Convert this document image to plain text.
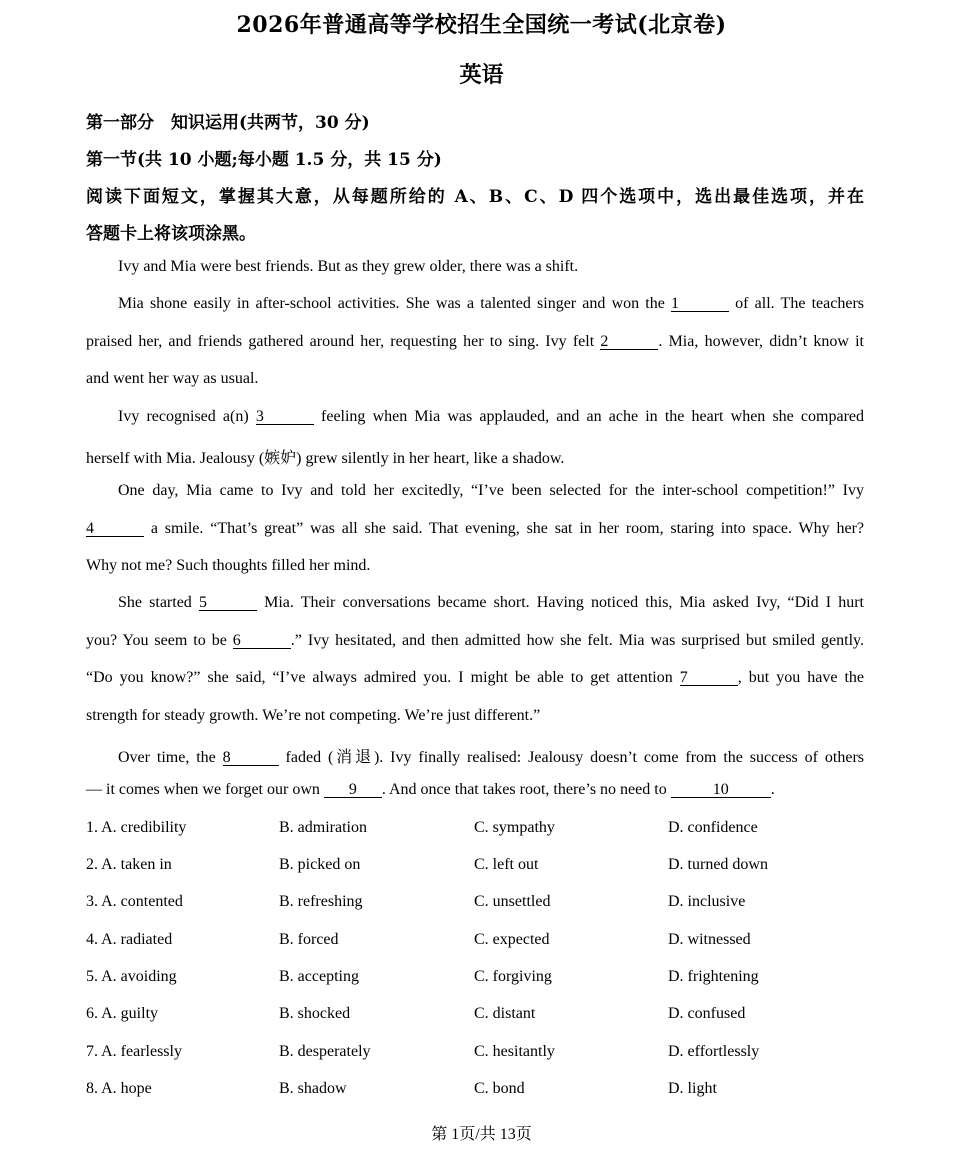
2026年普通高等学校招生全国统一考试(北京卷)
英语
第一部分　知识运用(共两节，30 分)
第一节(共 10 小题;每小题 1.5 分，共 15 分)
阅读下面短文，掌握其大意，从每题所给的 A、B、C、D 四个选项中，选出最佳选项，并在
答题卡上将该项涂黑。
Ivy and Mia were best friends. But as they grew older, there was a shift.
Mia shone easily in after-school activities. She was a talented singer and won the 1	of all. The teachers
praised her, and friends gathered around her, requesting her to sing. Ivy felt 2	. Mia, however, didn’t know it
and went her way as usual.
Ivy recognised a(n) 3	feeling when Mia was applauded, and an ache in the heart when she compared
herself with Mia. Jealousy (嫉妒) grew silently in her heart, like a shadow.
One day, Mia came to Ivy and told her excitedly, “I’ve been selected for the inter-school competition!” Ivy
4	a smile. “That’s great” was all she said. That evening, she sat in her room, staring into space. Why her?
Why not me? Such thoughts filled her mind.
She started 5	Mia. Their conversations became short. Having noticed this, Mia asked Ivy, “Did I hurt
you? You seem to be 6	.” Ivy hesitated, and then admitted how she felt. Mia was surprised but smiled gently.
“Do you know?” she said, “I’ve always admired you. I might be able to get attention 7	, but you have the
strength for steady growth. We’re not competing. We’re just different.”
Over time, the 8	faded (消退). Ivy finally realised: Jealousy doesn’t come from the success of others
— it comes when we forget our own 9 . And once that takes root, there’s no need to	10	.
1. A. credibility	B. admiration	C. sympathy	D. confidence
2. A. taken in	B. picked on	C. left out	D. turned down
3. A. contented	B. refreshing	C. unsettled	D. inclusive
4. A. radiated	B. forced	C. expected	D. witnessed
5. A. avoiding	B. accepting	C. forgiving	D. frightening
6. A. guilty	B. shocked	C. distant	D. confused
7. A. fearlessly	B. desperately	C. hesitantly	D. effortlessly
8. A. hope	B. shadow	C. bond	D. light
第 1页/共 13页
